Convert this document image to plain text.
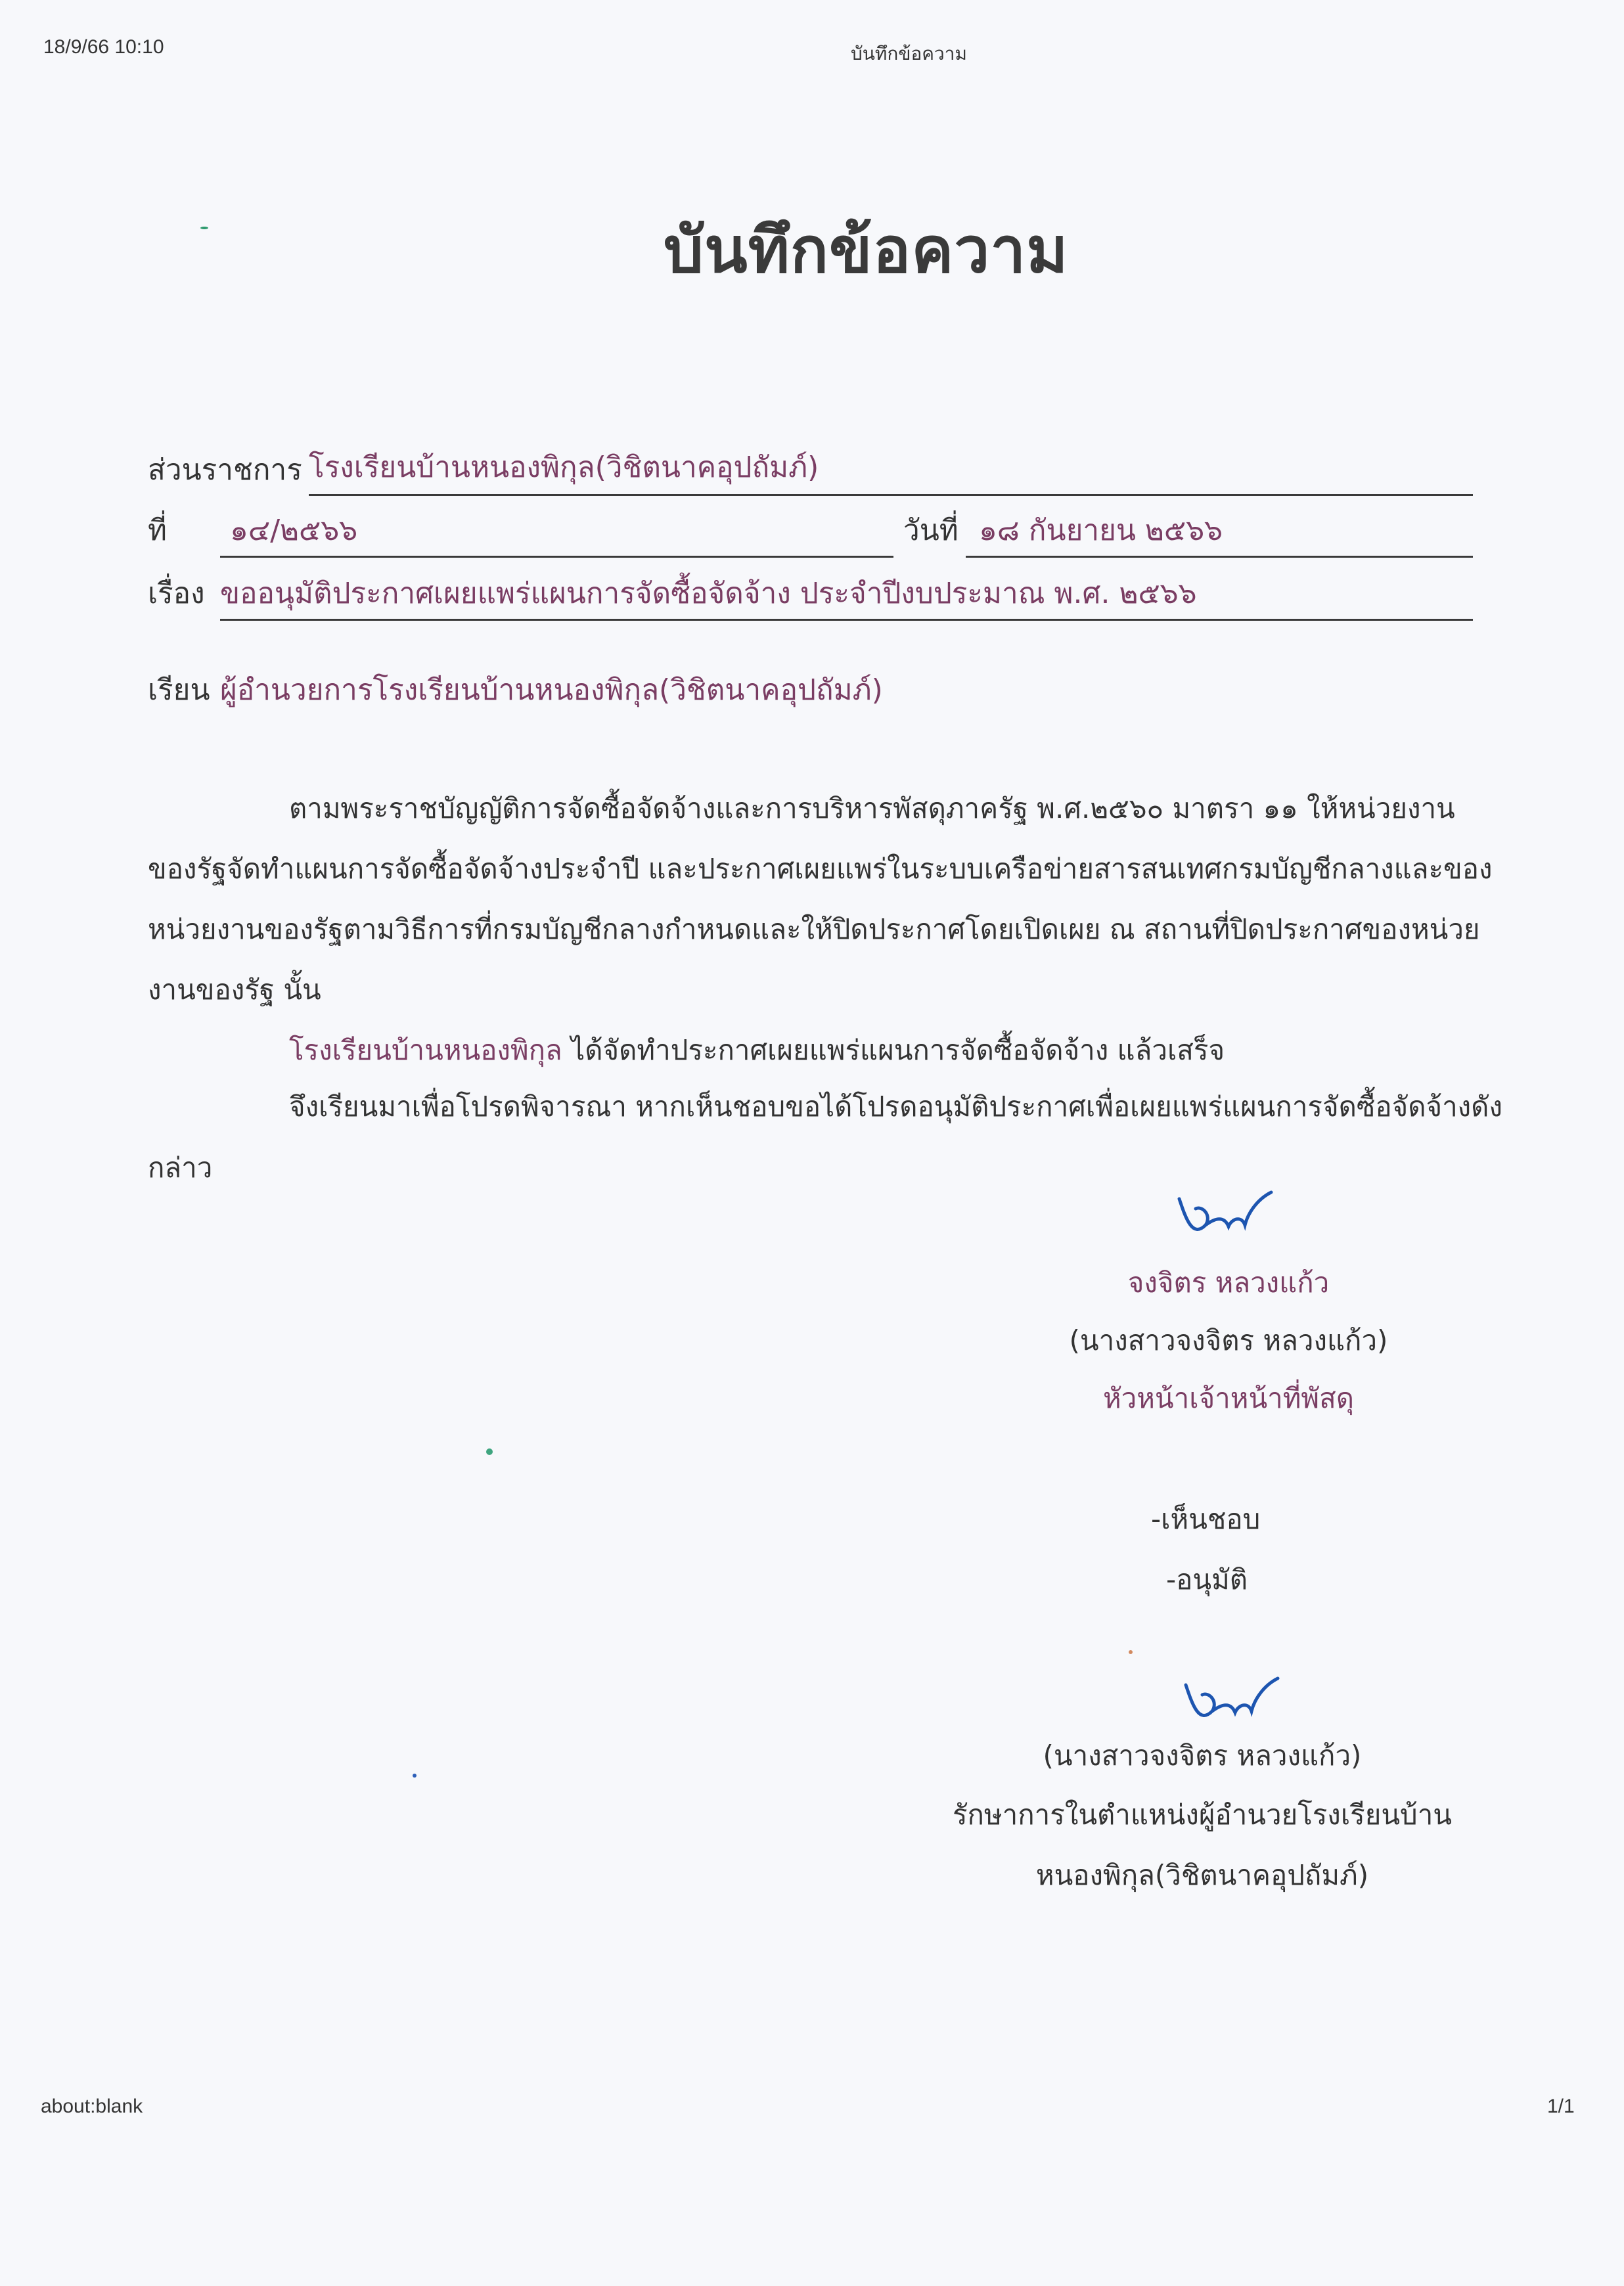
18/9/66 10:10	บันทึกข้อความ
about:blank	1/1
บันทึกข้อความ
ส่วนราชการ โรงเรียนบ้านหนองพิกุล(วิชิตนาคอุปถัมภ์)
ที่ ๑๔/๒๕๖๖	วันที่ ๑๘ กันยายน ๒๕๖๖
เรื่อง ขออนุมัติประกาศเผยแพร่แผนการจัดซื้อจัดจ้าง ประจำปีงบประมาณ พ.ศ. ๒๕๖๖
เรียน ผู้อำนวยการโรงเรียนบ้านหนองพิกุล(วิชิตนาคอุปถัมภ์)
ตามพระราชบัญญัติการจัดซื้อจัดจ้างและการบริหารพัสดุภาครัฐ พ.ศ.๒๕๖๐ มาตรา ๑๑ ให้หน่วยงาน
ของรัฐจัดทำแผนการจัดซื้อจัดจ้างประจำปี และประกาศเผยแพร่ในระบบเครือข่ายสารสนเทศกรมบัญชีกลางและของ
หน่วยงานของรัฐตามวิธีการที่กรมบัญชีกลางกำหนดและให้ปิดประกาศโดยเปิดเผย ณ สถานที่ปิดประกาศของหน่วย
งานของรัฐ นั้น
โรงเรียนบ้านหนองพิกุล ได้จัดทำประกาศเผยแพร่แผนการจัดซื้อจัดจ้าง แล้วเสร็จ
จึงเรียนมาเพื่อโปรดพิจารณา หากเห็นชอบขอได้โปรดอนุมัติประกาศเพื่อเผยแพร่แผนการจัดซื้อจัดจ้างดัง
กล่าว
จงจิตร หลวงแก้ว
(นางสาวจงจิตร หลวงแก้ว)
หัวหน้าเจ้าหน้าที่พัสดุ
-เห็นชอบ
-อนุมัติ
(นางสาวจงจิตร หลวงแก้ว)
รักษาการในตำแหน่งผู้อำนวยโรงเรียนบ้าน
หนองพิกุล(วิชิตนาคอุปถัมภ์)
